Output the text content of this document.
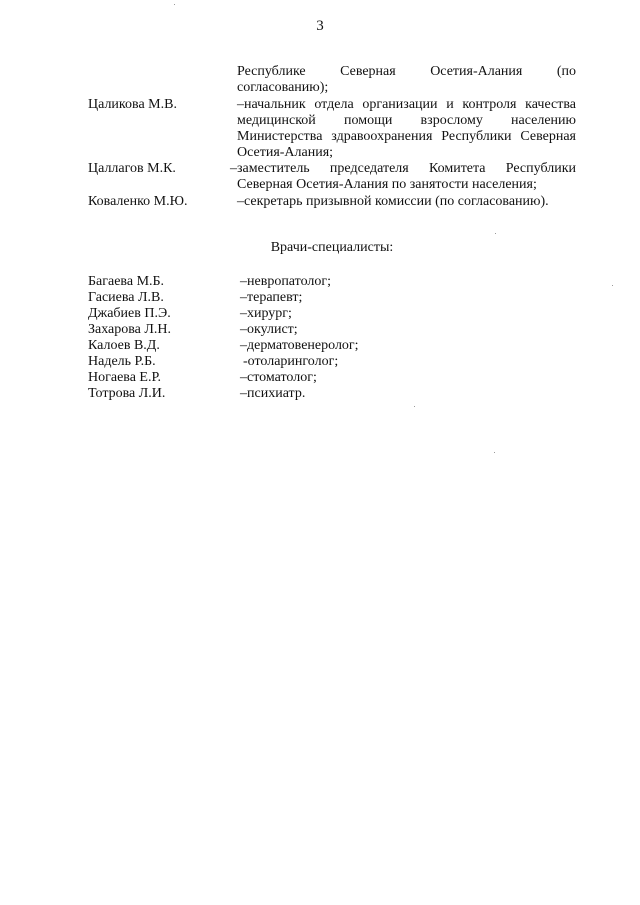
3
Республике Северная Осетия-Алания (по
согласованию);
Цаликова М.В.	–начальник отдела организации и контроля качества
медицинской помощи взрослому населению
Министерства здравоохранения Республики Северная
Осетия-Алания;
Цаллагов М.К.	–заместитель председателя Комитета Республики
Северная Осетия-Алания по занятости населения;
Коваленко М.Ю.	–секретарь призывной комиссии (по согласованию).
Врачи-специалисты:
Багаева М.Б.	–невропатолог;
Гасиева Л.В.	–терапевт;
Джабиев П.Э.	–хирург;
Захарова Л.Н.	–окулист;
Калоев В.Д.	–дерматовенеролог;
Надель Р.Б.	-отоларинголог;
Ногаева Е.Р.	–стоматолог;
Тотрова Л.И.	–психиатр.
